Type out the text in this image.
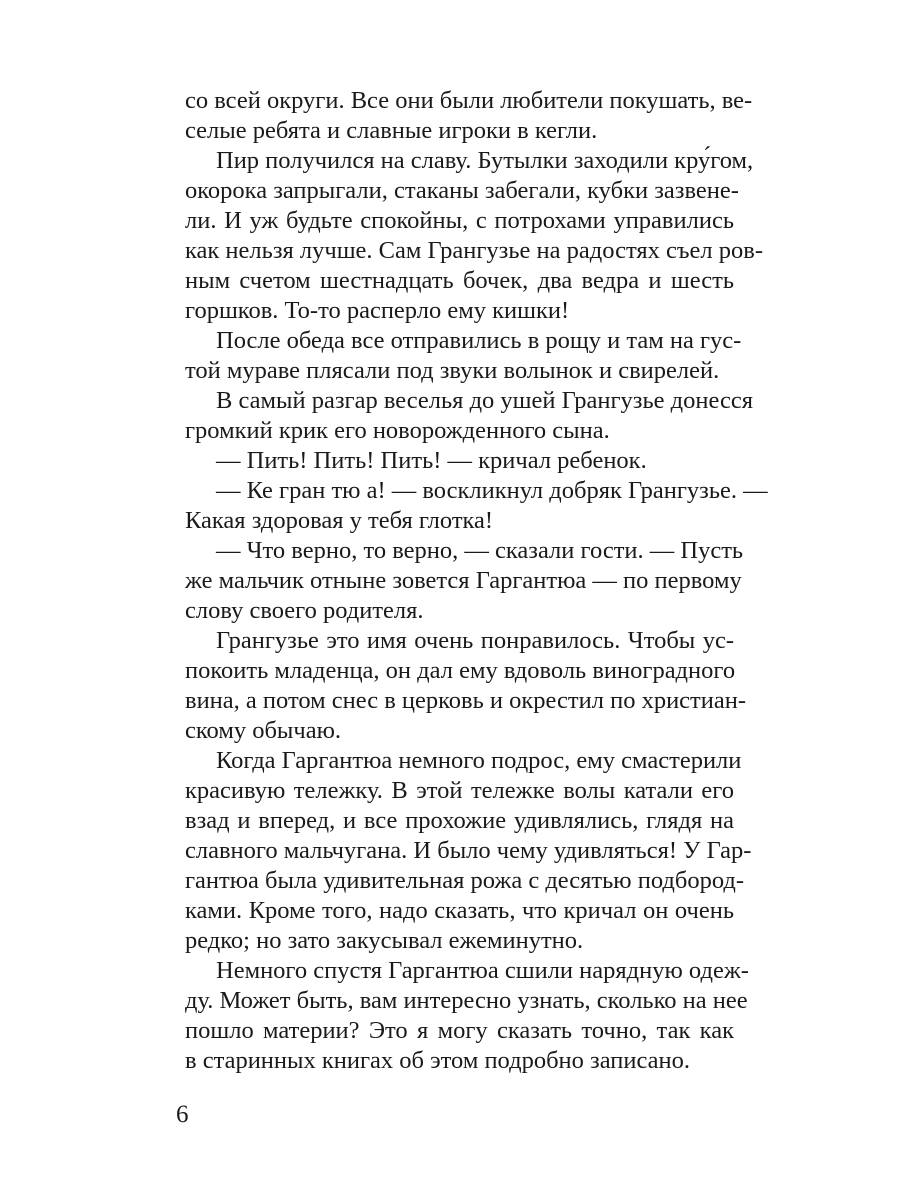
со всей округи. Все они были любители покушать, ве-
селые ребята и славные игроки в кегли.
Пир получился на славу. Бутылки заходили кру́гом,
окорока запрыгали, стаканы забегали, кубки зазвене-
ли. И уж будьте спокойны, с потрохами управились
как нельзя лучше. Сам Грангузье на радостях съел ров-
ным счетом шестнадцать бочек, два ведра и шесть
горшков. То-то расперло ему кишки!
После обеда все отправились в рощу и там на гус-
той мураве плясали под звуки волынок и свирелей.
В самый разгар веселья до ушей Грангузье донесся
громкий крик его новорожденного сына.
— Пить! Пить! Пить! — кричал ребенок.
— Ке гран тю а! — воскликнул добряк Грангузье. —
Какая здоровая у тебя глотка!
— Что верно, то верно, — сказали гости. — Пусть
же мальчик отныне зовется Гаргантюа — по первому
слову своего родителя.
Грангузье это имя очень понравилось. Чтобы ус-
покоить младенца, он дал ему вдоволь виноградного
вина, а потом снес в церковь и окрестил по христиан-
скому обычаю.
Когда Гаргантюа немного подрос, ему смастерили
красивую тележку. В этой тележке волы катали его
взад и вперед, и все прохожие удивлялись, глядя на
славного мальчугана. И было чему удивляться! У Гар-
гантюа была удивительная рожа с десятью подбород-
ками. Кроме того, надо сказать, что кричал он очень
редко; но зато закусывал ежеминутно.
Немного спустя Гаргантюа сшили нарядную одеж-
ду. Может быть, вам интересно узнать, сколько на нее
пошло материи? Это я могу сказать точно, так как
в старинных книгах об этом подробно записано.
6
